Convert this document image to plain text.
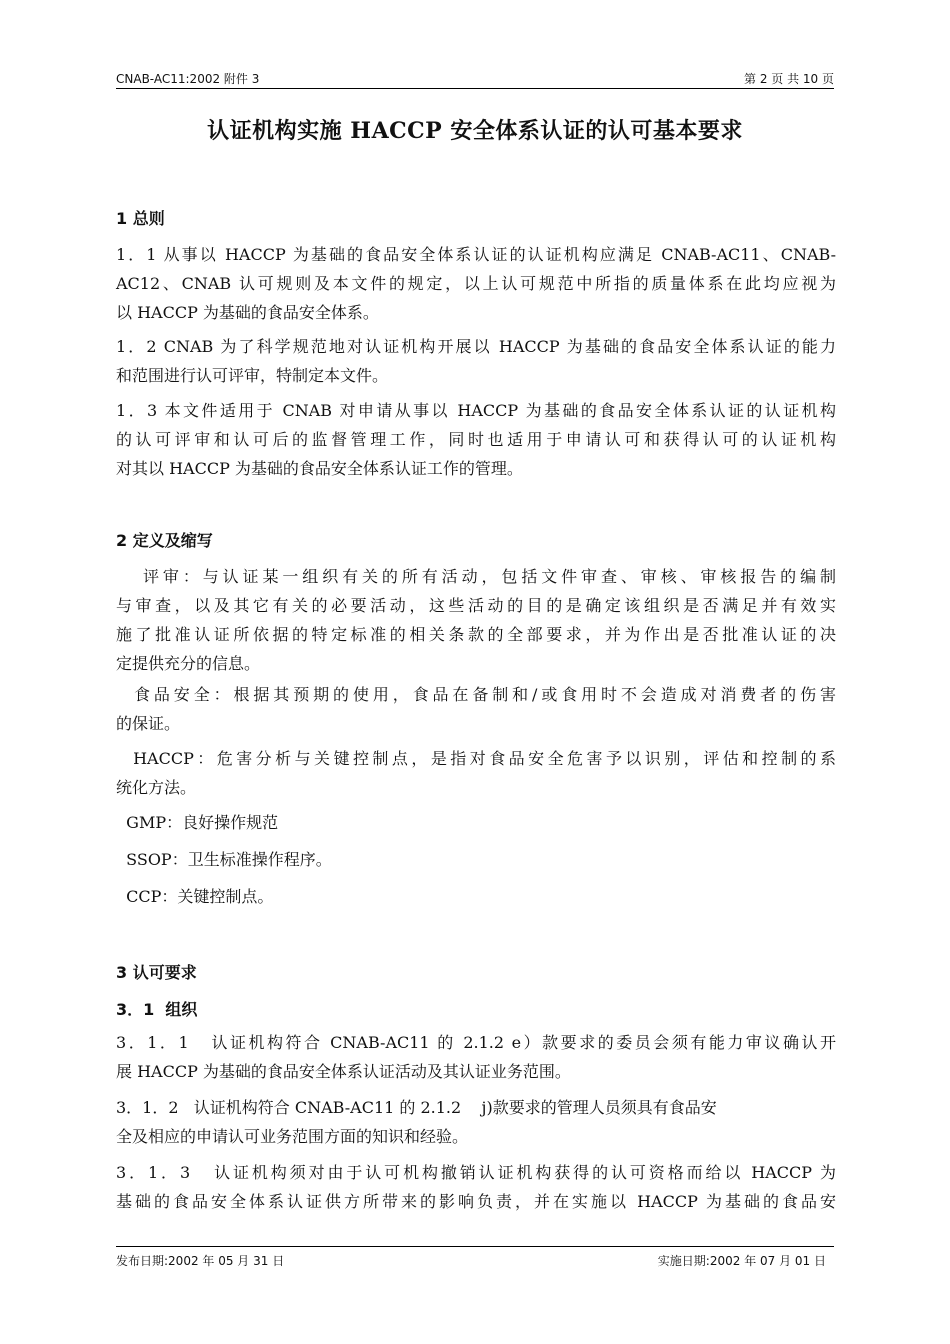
CNAB-AC11:2002 附件 3	第 2 页 共 10 页
认证机构实施 HACCP 安全体系认证的认可基本要求
1 总则
1．1 从事以 HACCP 为基础的食品安全体系认证的认证机构应满足 CNAB-AC11、CNAB-
AC12、CNAB 认可规则及本文件的规定，以上认可规范中所指的质量体系在此均应视为
以 HACCP 为基础的食品安全体系。
1．2 CNAB 为了科学规范地对认证机构开展以 HACCP 为基础的食品安全体系认证的能力
和范围进行认可评审，特制定本文件。
1．3 本文件适用于 CNAB 对申请从事以 HACCP 为基础的食品安全体系认证的认证机构
的认可评审和认可后的监督管理工作，同时也适用于申请认可和获得认可的认证机构
对其以 HACCP 为基础的食品安全体系认证工作的管理。
2 定义及缩写
评审：与认证某一组织有关的所有活动，包括文件审查、审核、审核报告的编制
与审查，以及其它有关的必要活动，这些活动的目的是确定该组织是否满足并有效实
施了批准认证所依据的特定标准的相关条款的全部要求，并为作出是否批准认证的决
定提供充分的信息。
食品安全：根据其预期的使用，食品在备制和/或食用时不会造成对消费者的伤害
的保证。
HACCP：危害分析与关键控制点，是指对食品安全危害予以识别，评估和控制的系
统化方法。
GMP：良好操作规范
SSOP：卫生标准操作程序。
CCP：关键控制点。
3 认可要求
3．1  组织
3．1．1   认证机构符合 CNAB-AC11 的 2.1.2 e）款要求的委员会须有能力审议确认开
展 HACCP 为基础的食品安全体系认证活动及其认证业务范围。
3．1．2   认证机构符合 CNAB-AC11 的 2.1.2    j)款要求的管理人员须具有食品安
全及相应的申请认可业务范围方面的知识和经验。
3．1．3   认证机构须对由于认可机构撤销认证机构获得的认可资格而给以 HACCP 为
基础的食品安全体系认证供方所带来的影响负责，并在实施以 HACCP 为基础的食品安
发布日期:2002 年 05 月 31 日	实施日期:2002 年 07 月 01 日
